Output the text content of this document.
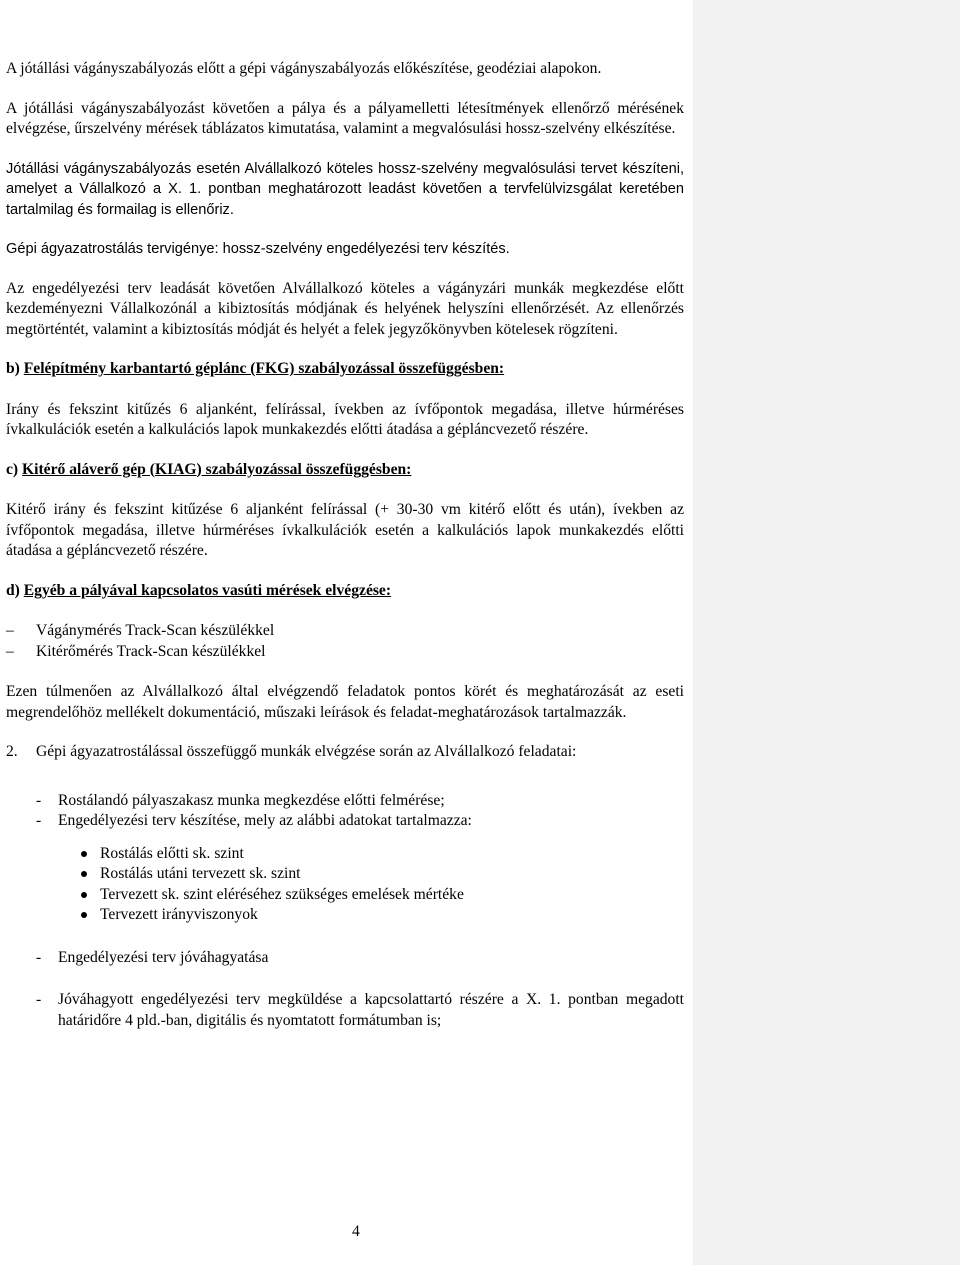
A jótállási vágányszabályozás előtt a gépi vágányszabályozás előkészítése, geodéziai alapokon.

A jótállási vágányszabályozást követően a pálya és a pályamelletti létesítmények ellenőrző mérésének elvégzése, űrszelvény mérések táblázatos kimutatása, valamint a megvalósulási hossz-szelvény elkészítése.

Jótállási vágányszabályozás esetén Alvállalkozó köteles hossz-szelvény megvalósulási tervet készíteni, amelyet a Vállalkozó a X. 1. pontban meghatározott leadást követően a tervfelülvizsgálat keretében tartalmilag és formailag is ellenőriz.

Gépi ágyazatrostálás tervigénye: hossz-szelvény engedélyezési terv készítés.

Az engedélyezési terv leadását követően Alvállalkozó köteles a vágányzári munkák megkezdése előtt kezdeményezni Vállalkozónál a kibiztosítás módjának és helyének helyszíni ellenőrzését. Az ellenőrzés megtörténtét, valamint a kibiztosítás módját és helyét a felek jegyzőkönyvben kötelesek rögzíteni.

b) Felépítmény karbantartó géplánc (FKG) szabályozással összefüggésben:

Irány és fekszint kitűzés 6 aljanként, felírással, ívekben az ívfőpontok megadása, illetve húrméréses ívkalkulációk esetén a kalkulációs lapok munkakezdés előtti átadása a gépláncvezető részére.

c) Kitérő aláverő gép (KIAG) szabályozással összefüggésben:

Kitérő irány és fekszint kitűzése 6 aljanként felírással (+ 30-30 vm kitérő előtt és után), ívekben az ívfőpontok megadása, illetve húrméréses ívkalkulációk esetén a kalkulációs lapok munkakezdés előtti átadása a gépláncvezető részére.

d) Egyéb a pályával kapcsolatos vasúti mérések elvégzése:

– Vágánymérés Track-Scan készülékkel
– Kitérőmérés Track-Scan készülékkel

Ezen túlmenően az Alvállalkozó által elvégzendő feladatok pontos körét és meghatározását az eseti megrendelőhöz mellékelt dokumentáció, műszaki leírások és feladat-meghatározások tartalmazzák.

2. Gépi ágyazatrostálással összefüggő munkák elvégzése során az Alvállalkozó feladatai:

- Rostálandó pályaszakasz munka megkezdése előtti felmérése;

- Engedélyezési terv készítése, mely az alábbi adatokat tartalmazza:

Rostálás előtti sk. szint
Rostálás utáni tervezett sk. szint
Tervezett sk. szint eléréséhez szükséges emelések mértéke
Tervezett irányviszonyok

- Engedélyezési terv jóváhagyatása

- Jóváhagyott engedélyezési terv megküldése a kapcsolattartó részére a X. 1. pontban megadott határidőre 4 pld.-ban, digitális és nyomtatott formátumban is;

4
